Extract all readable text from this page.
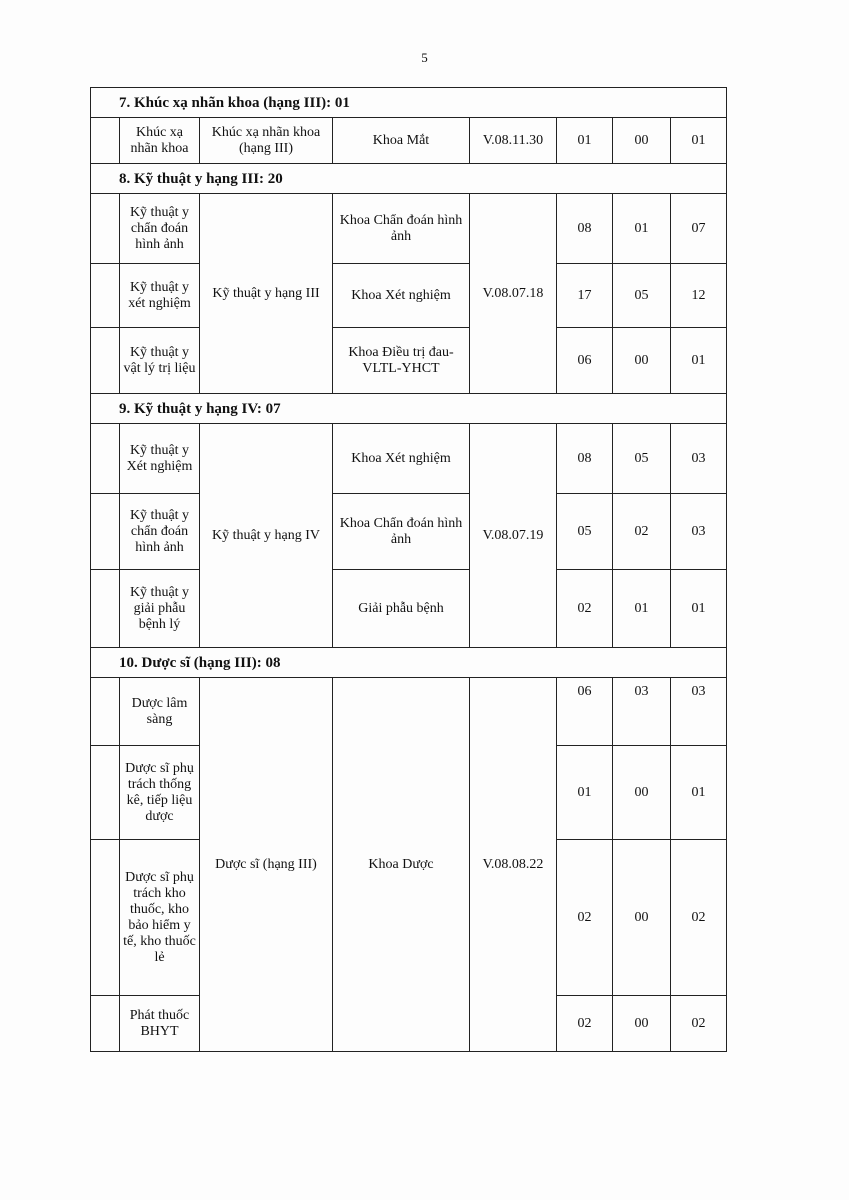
5
7. Khúc xạ nhãn khoa (hạng III): 01							
	Khúc xạ nhãn khoa	Khúc xạ nhãn khoa (hạng III)	Khoa Mắt	V.08.11.30	01	00	01
8. Kỹ thuật y hạng III: 20							
	Kỹ thuật y chẩn đoán hình ảnh	Kỹ thuật y hạng III	Khoa Chẩn đoán hình ảnh	V.08.07.18	08	01	07
	Kỹ thuật y xét nghiệm		Khoa Xét nghiệm		17	05	12
	Kỹ thuật y vật lý trị liệu		Khoa Điều trị đau-VLTL-YHCT		06	00	01
9. Kỹ thuật y hạng IV: 07							
	Kỹ thuật y Xét nghiệm	Kỹ thuật y hạng IV	Khoa Xét nghiệm	V.08.07.19	08	05	03
	Kỹ thuật y chẩn đoán hình ảnh		Khoa Chẩn đoán hình ảnh		05	02	03
	Kỹ thuật y giải phẫu bệnh lý		Giải phẫu bệnh		02	01	01
10. Dược sĩ (hạng III): 08							
	Dược lâm sàng	Dược sĩ (hạng III)	Khoa Dược	V.08.08.22	06	03	03
	Dược sĩ phụ trách thống kê, tiếp liệu dược				01	00	01
	Dược sĩ phụ trách kho thuốc, kho bảo hiểm y tế, kho thuốc lẻ				02	00	02
	Phát thuốc BHYT				02	00	02
